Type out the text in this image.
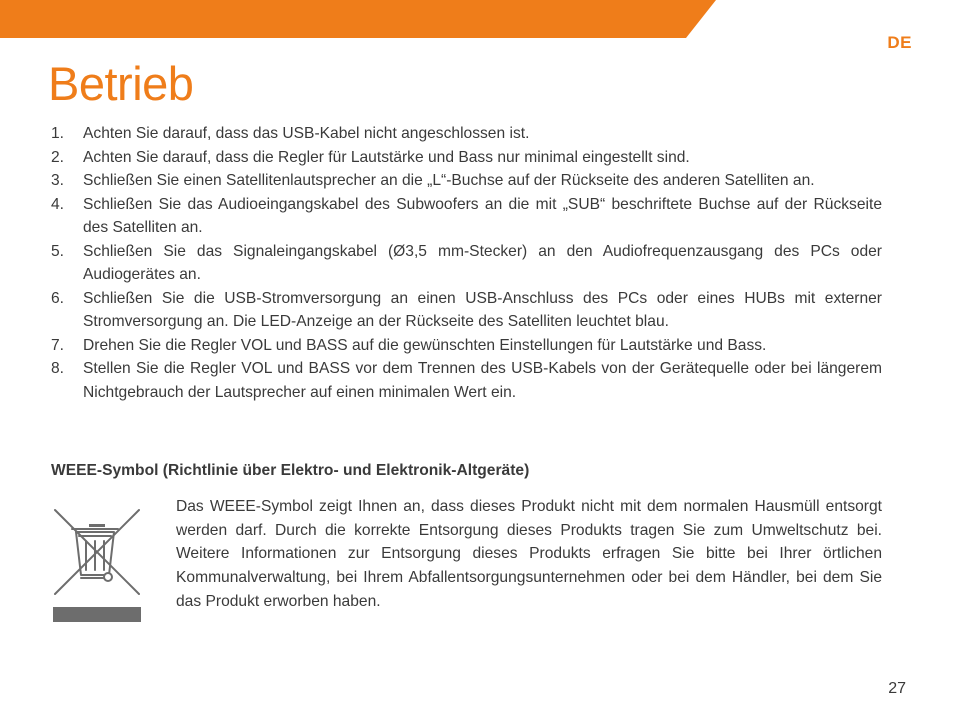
DE
Betrieb
1. Achten Sie darauf, dass das USB-Kabel nicht angeschlossen ist.
2. Achten Sie darauf, dass die Regler für Lautstärke und Bass nur minimal eingestellt sind.
3. Schließen Sie einen Satellitenlautsprecher an die „L“-Buchse auf der Rückseite des anderen Satelliten an.
4. Schließen Sie das Audioeingangskabel des Subwoofers an die mit „SUB“ beschriftete Buchse auf der Rückseite des Satelliten an.
5. Schließen Sie das Signaleingangskabel (Ø3,5 mm-Stecker) an den Audiofrequenzausgang des PCs oder Audiogerätes an.
6. Schließen Sie die USB-Stromversorgung an einen USB-Anschluss des PCs oder eines HUBs mit externer Stromversorgung an. Die LED-Anzeige an der Rückseite des Satelliten leuchtet blau.
7. Drehen Sie die Regler VOL und BASS auf die gewünschten Einstellungen für Lautstärke und Bass.
8. Stellen Sie die Regler VOL und BASS vor dem Trennen des USB-Kabels von der Gerätequelle oder bei längerem Nichtgebrauch der Lautsprecher auf einen minimalen Wert ein.
WEEE-Symbol (Richtlinie über Elektro- und Elektronik-Altgeräte)

Das WEEE-Symbol zeigt Ihnen an, dass dieses Produkt nicht mit dem normalen Hausmüll entsorgt werden darf. Durch die korrekte Entsorgung dieses Produkts tragen Sie zum Umweltschutz bei. Weitere Informationen zur Entsorgung dieses Produkts erfragen Sie bitte bei Ihrer örtlichen Kommunalverwaltung, bei Ihrem Abfallentsorgungsunternehmen oder bei dem Händler, bei dem Sie das Produkt erworben haben.

27
